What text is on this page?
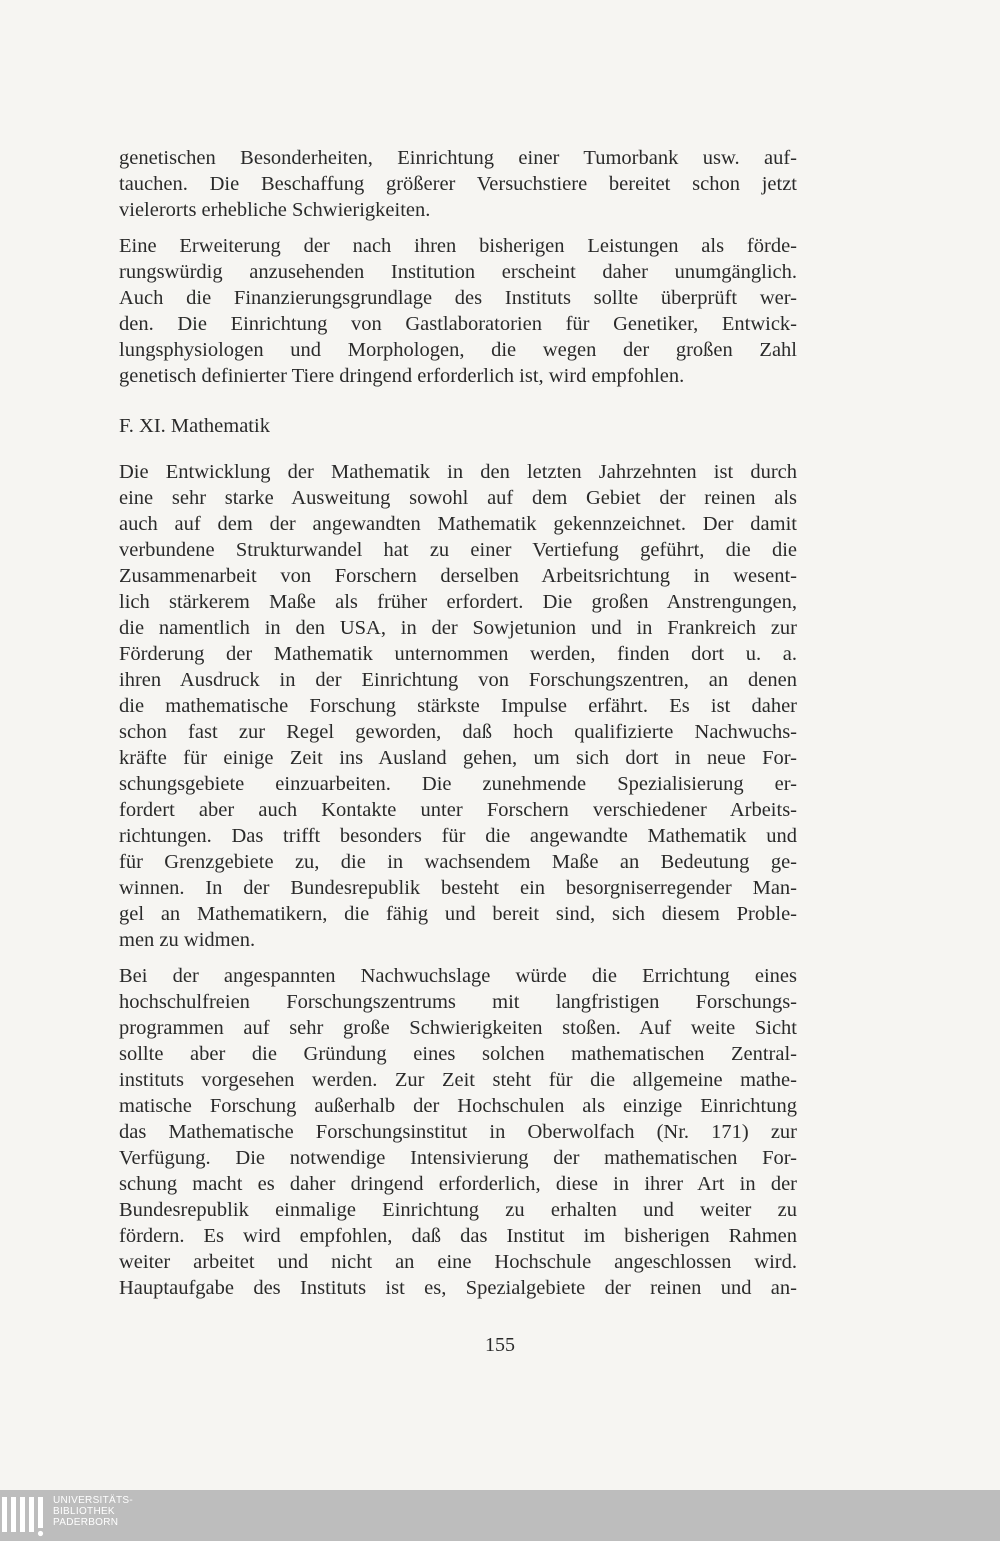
genetischen Besonderheiten, Einrichtung einer Tumorbank usw. auf-
tauchen. Die Beschaffung größerer Versuchstiere bereitet schon jetzt
vielerorts erhebliche Schwierigkeiten.
Eine Erweiterung der nach ihren bisherigen Leistungen als förde-
rungswürdig anzusehenden Institution erscheint daher unumgänglich.
Auch die Finanzierungsgrundlage des Instituts sollte überprüft wer-
den. Die Einrichtung von Gastlaboratorien für Genetiker, Entwick-
lungsphysiologen und Morphologen, die wegen der großen Zahl
genetisch definierter Tiere dringend erforderlich ist, wird empfohlen.
F. XI. Mathematik
Die Entwicklung der Mathematik in den letzten Jahrzehnten ist durch
eine sehr starke Ausweitung sowohl auf dem Gebiet der reinen als
auch auf dem der angewandten Mathematik gekennzeichnet. Der damit
verbundene Strukturwandel hat zu einer Vertiefung geführt, die die
Zusammenarbeit von Forschern derselben Arbeitsrichtung in wesent-
lich stärkerem Maße als früher erfordert. Die großen Anstrengungen,
die namentlich in den USA, in der Sowjetunion und in Frankreich zur
Förderung der Mathematik unternommen werden, finden dort u. a.
ihren Ausdruck in der Einrichtung von Forschungszentren, an denen
die mathematische Forschung stärkste Impulse erfährt. Es ist daher
schon fast zur Regel geworden, daß hoch qualifizierte Nachwuchs-
kräfte für einige Zeit ins Ausland gehen, um sich dort in neue For-
schungsgebiete einzuarbeiten. Die zunehmende Spezialisierung er-
fordert aber auch Kontakte unter Forschern verschiedener Arbeits-
richtungen. Das trifft besonders für die angewandte Mathematik und
für Grenzgebiete zu, die in wachsendem Maße an Bedeutung ge-
winnen. In der Bundesrepublik besteht ein besorgniserregender Man-
gel an Mathematikern, die fähig und bereit sind, sich diesem Proble-
men zu widmen.
Bei der angespannten Nachwuchslage würde die Errichtung eines
hochschulfreien Forschungszentrums mit langfristigen Forschungs-
programmen auf sehr große Schwierigkeiten stoßen. Auf weite Sicht
sollte aber die Gründung eines solchen mathematischen Zentral-
instituts vorgesehen werden. Zur Zeit steht für die allgemeine mathe-
matische Forschung außerhalb der Hochschulen als einzige Einrichtung
das Mathematische Forschungsinstitut in Oberwolfach (Nr. 171) zur
Verfügung. Die notwendige Intensivierung der mathematischen For-
schung macht es daher dringend erforderlich, diese in ihrer Art in der
Bundesrepublik einmalige Einrichtung zu erhalten und weiter zu
fördern. Es wird empfohlen, daß das Institut im bisherigen Rahmen
weiter arbeitet und nicht an eine Hochschule angeschlossen wird.
Hauptaufgabe des Instituts ist es, Spezialgebiete der reinen und an-
155
UNIVERSITÄTS-
BIBLIOTHEK
PADERBORN
